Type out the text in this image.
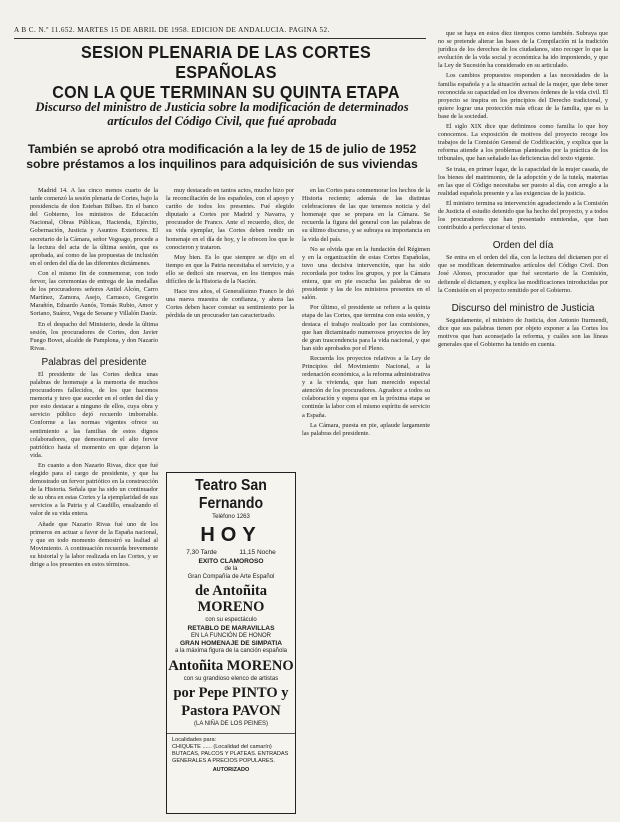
A B C. N.º 11.652. MARTES 15 DE ABRIL DE 1958. EDICION DE ANDALUCIA. PAGINA 52.
SESION PLENARIA DE LAS CORTES ESPAÑOLAS
CON LA QUE TERMINAN SU QUINTA ETAPA
Discurso del ministro de Justicia sobre la modificación de determinados artículos del Código Civil, que fué aprobada
También se aprobó otra modificación a la ley de 15 de julio de 1952 sobre préstamos a los inquilinos para adquisición de sus viviendas

Madrid 14. A las cinco menos cuarto de la tarde comenzó la sesión plenaria de Cortes, bajo la presidencia de don Esteban Bilbao. En el banco del Gobierno, los ministros de Educación Nacional, Obras Públicas, Hacienda, Ejército, Gobernación, Justicia y Asuntos Exteriores. El secretario de la Cámara, señor Vegoago, procede a la lectura del acta de la última sesión, que es aprobada, así como de las propuestas de inclusión en el orden del día de las diferentes dictámenes.

Con el mismo fin de conmemorar, con todo fervor, las ceremonias de entrega de las medallas de los procuradores señores Antiel Alcón, Carro Martínez, Zamora, Asejo, Carrasco, Gregorio Marañón, Eduardo Aunós, Tomás Rubio, Amor y Soriano, Suárez, Vega de Seoane y Villalón Daoíz.

En el despacho del Ministerio, desde la última sesión, los procuradores de Cortes, don Javier Fuego Bovet, alcalde de Pamplona, y don Nazario Rivas.

Palabras del presidente

El presidente de las Cortes dedica unas palabras de homenaje a la memoria de muchos procuradores fallecidos, de los que hacemos memoria y tuvo que suceder en el orden del día y por esto destacar a ninguno de ellos, cuya obra y servicio público dejó recuerdo imborrable. Conforme a las normas vigentes ofrece su sentimiento a las familias de estos dignos colaboradores, que demostraron el alto fervor patriótico hasta el momento en que dejaron la vida.

En cuanto a don Nazario Rivas, dice que fué elegido para el cargo de presidente, y que ha demostrado un fervor patriótico en la construcción de la Historia. Señala que ha sido un continuador de su obra en estas Cortes y la ejemplaridad de sus servicios a la Patria y al Caudillo, ensalzando el valor de su vida entera.

Añade que Nazario Rivas fué uno de los primeros en actuar a favor de la España nacional, y que en todo momento demostró su lealtad al Movimiento. A continuación recuerda brevemente su historial y la labor realizada en las Cortes, y se dirige a los presentes en estos términos.

muy destacado en tantos actos, mucho hizo por la reconciliación de los españoles, con el apoyo y cariño de todos los presentes. Fué elegido diputado a Cortes por Madrid y Navarra, y procurador de Franco. Ante el recuerdo, dice, de su vida ejemplar, las Cortes deben rendir un homenaje en el día de hoy, y le ofrecen los que le conocieron y trataron.

Muy bien. Es lo que siempre se dijo en el tiempo en que la Patria necesitaba el servicio, y a ello se dedicó sin reservas, en los tiempos más difíciles de la Historia de la Nación.

Hace tres años, el Generalísimo Franco le dió una nueva muestra de confianza, y ahora las Cortes deben hacer constar su sentimiento por la pérdida de un procurador tan caracterizado.

Teatro San Fernando
Teléfono 1263
HOY
7,30 Tarde	11,15 Noche
EXITO CLAMOROSO
de la
Gran Compañía de Arte Español
de Antoñita MORENO
con su espectáculo
RETABLO DE MARAVILLAS
EN LA FUNCIÓN DE HONOR
GRAN HOMENAJE DE SIMPATIA
a la máxima figura de la canción española
Antoñita MORENO
con su grandioso elenco de artistas
por Pepe PINTO y
Pastora PAVON
(LA NIÑA DE LOS PEINES)
Localidades para:
CHIQUETE ...... (Localidad del camarín) BUTACAS, PALCOS Y PLATEAS. ENTRADAS GENERALES A PRECIOS POPULARES.
AUTORIZADO

en las Cortes para conmemorar los hechos de la Historia reciente; además de las distintas celebraciones de las que tenemos noticia y del homenaje que se prepara en la Cámara. Se recuerda la figura del general con las palabras de su último discurso, y se subraya su importancia en la vida del país.

No se olvida que en la fundación del Régimen y en la organización de estas Cortes Españolas, tuvo una decisiva intervención, que ha sido recordada por todos los grupos, y por la Cámara entera, que en pie escucha las palabras de su presidente y las de los ministros presentes en el salón.

Por último, el presidente se refiere a la quinta etapa de las Cortes, que termina con esta sesión, y destaca el trabajo realizado por las comisiones, que han dictaminado numerosos proyectos de ley de gran trascendencia para la vida nacional, y que han sido aprobados por el Pleno.

Recuerda los proyectos relativos a la Ley de Principios del Movimiento Nacional, a la ordenación económica, a la reforma administrativa y a la vivienda, que han merecido especial atención de los procuradores. Agradece a todos su colaboración y espera que en la próxima etapa se continúe la labor con el mismo espíritu de servicio a España.

La Cámara, puesta en pie, aplaude largamente las palabras del presidente.

que se haya en estos diez tiempos como también. Subraya que no se pretende alterar las bases de la Compilación ni la tradición jurídica de los derechos de los ciudadanos, sino recoger lo que la evolución de la vida social y económica ha ido imponiendo, y que la Ley de Sucesión ha considerado en su articulado.

Los cambios propuestos responden a las necesidades de la familia española y a la situación actual de la mujer, que debe tener reconocida su capacidad en los diversos órdenes de la vida civil. El proyecto se inspira en los principios del Derecho tradicional, y quiere lograr una protección más eficaz de la familia, que es la base de la sociedad.

El siglo XIX dice que definimos como familia lo que hoy conocemos. La exposición de motivos del proyecto recoge los trabajos de la Comisión General de Codificación, y explica que la reforma atiende a los problemas planteados por la práctica de los tribunales, que han señalado las deficiencias del texto vigente.

Se trata, en primer lugar, de la capacidad de la mujer casada, de los bienes del matrimonio, de la adopción y de la tutela, materias en las que el Código necesitaba ser puesto al día, con arreglo a la realidad española presente y a las exigencias de la justicia.

El ministro termina su intervención agradeciendo a la Comisión de Justicia el estudio detenido que ha hecho del proyecto, y a todos los procuradores que han presentado enmiendas, que han contribuido a perfeccionar el texto.

Orden del día

Se entra en el orden del día, con la lectura del dictamen por el que se modifican determinados artículos del Código Civil. Don José Alonso, procurador que fué secretario de la Comisión, defiende el dictamen, y explica las modificaciones introducidas por la Comisión en el proyecto remitido por el Gobierno.

Discurso del ministro de Justicia

Seguidamente, el ministro de Justicia, don Antonio Iturmendi, dice que sus palabras tienen por objeto exponer a las Cortes los motivos que han aconsejado la reforma, y cuáles son las líneas generales que el Gobierno ha tenido en cuenta.
